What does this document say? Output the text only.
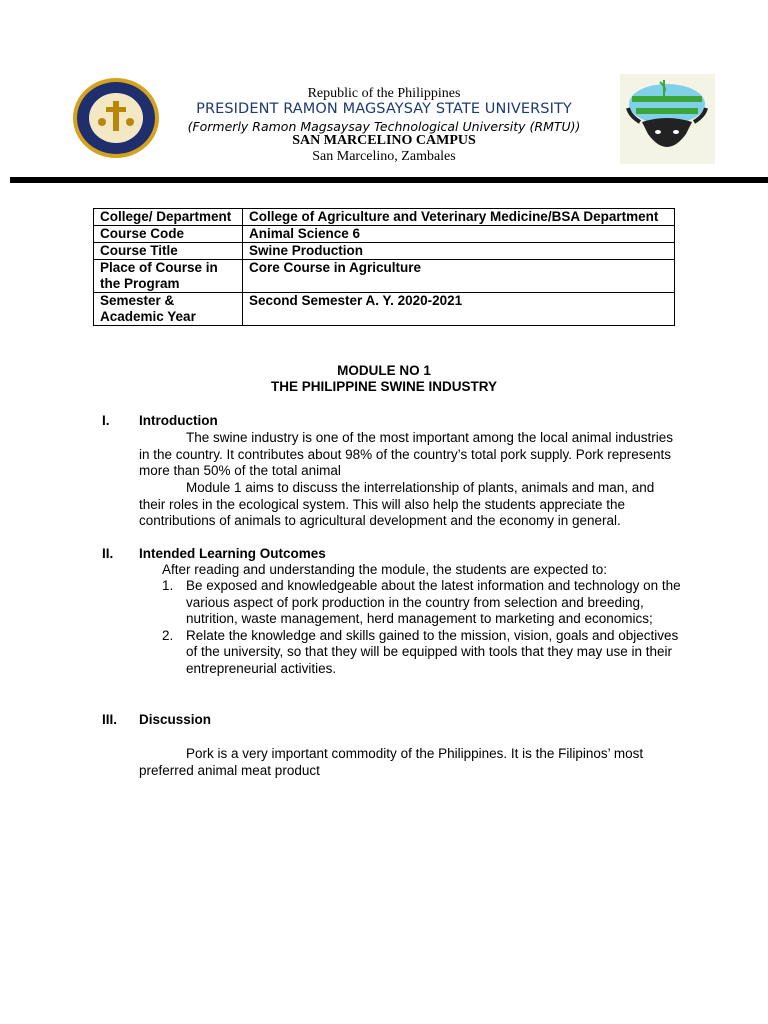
Republic of the Philippines
PRESIDENT RAMON MAGSAYSAY STATE UNIVERSITY
(Formerly Ramon Magsaysay Technological University (RMTU))
SAN MARCELINO CAMPUS
San Marcelino, Zambales
College/ Department	College of Agriculture and Veterinary Medicine/BSA Department
Course Code	Animal Science 6
Course Title	Swine Production
Place of Course in the Program	Core Course in Agriculture
Semester & Academic Year	Second Semester A. Y. 2020-2021
MODULE NO 1
THE PHILIPPINE SWINE INDUSTRY
I. Introduction
The swine industry is one of the most important among the local animal industries in the country. It contributes about 98% of the country’s total pork supply. Pork represents more than 50% of the total animal
Module 1 aims to discuss the interrelationship of plants, animals and man, and their roles in the ecological system. This will also help the students appreciate the contributions of animals to agricultural development and the economy in general.
II. Intended Learning Outcomes
After reading and understanding the module, the students are expected to:
1. Be exposed and knowledgeable about the latest information and technology on the various aspect of pork production in the country from selection and breeding, nutrition, waste management, herd management to marketing and economics;
2. Relate the knowledge and skills gained to the mission, vision, goals and objectives of the university, so that they will be equipped with tools that they may use in their entrepreneurial activities.
III. Discussion
Pork is a very important commodity of the Philippines. It is the Filipinos’ most preferred animal meat product
